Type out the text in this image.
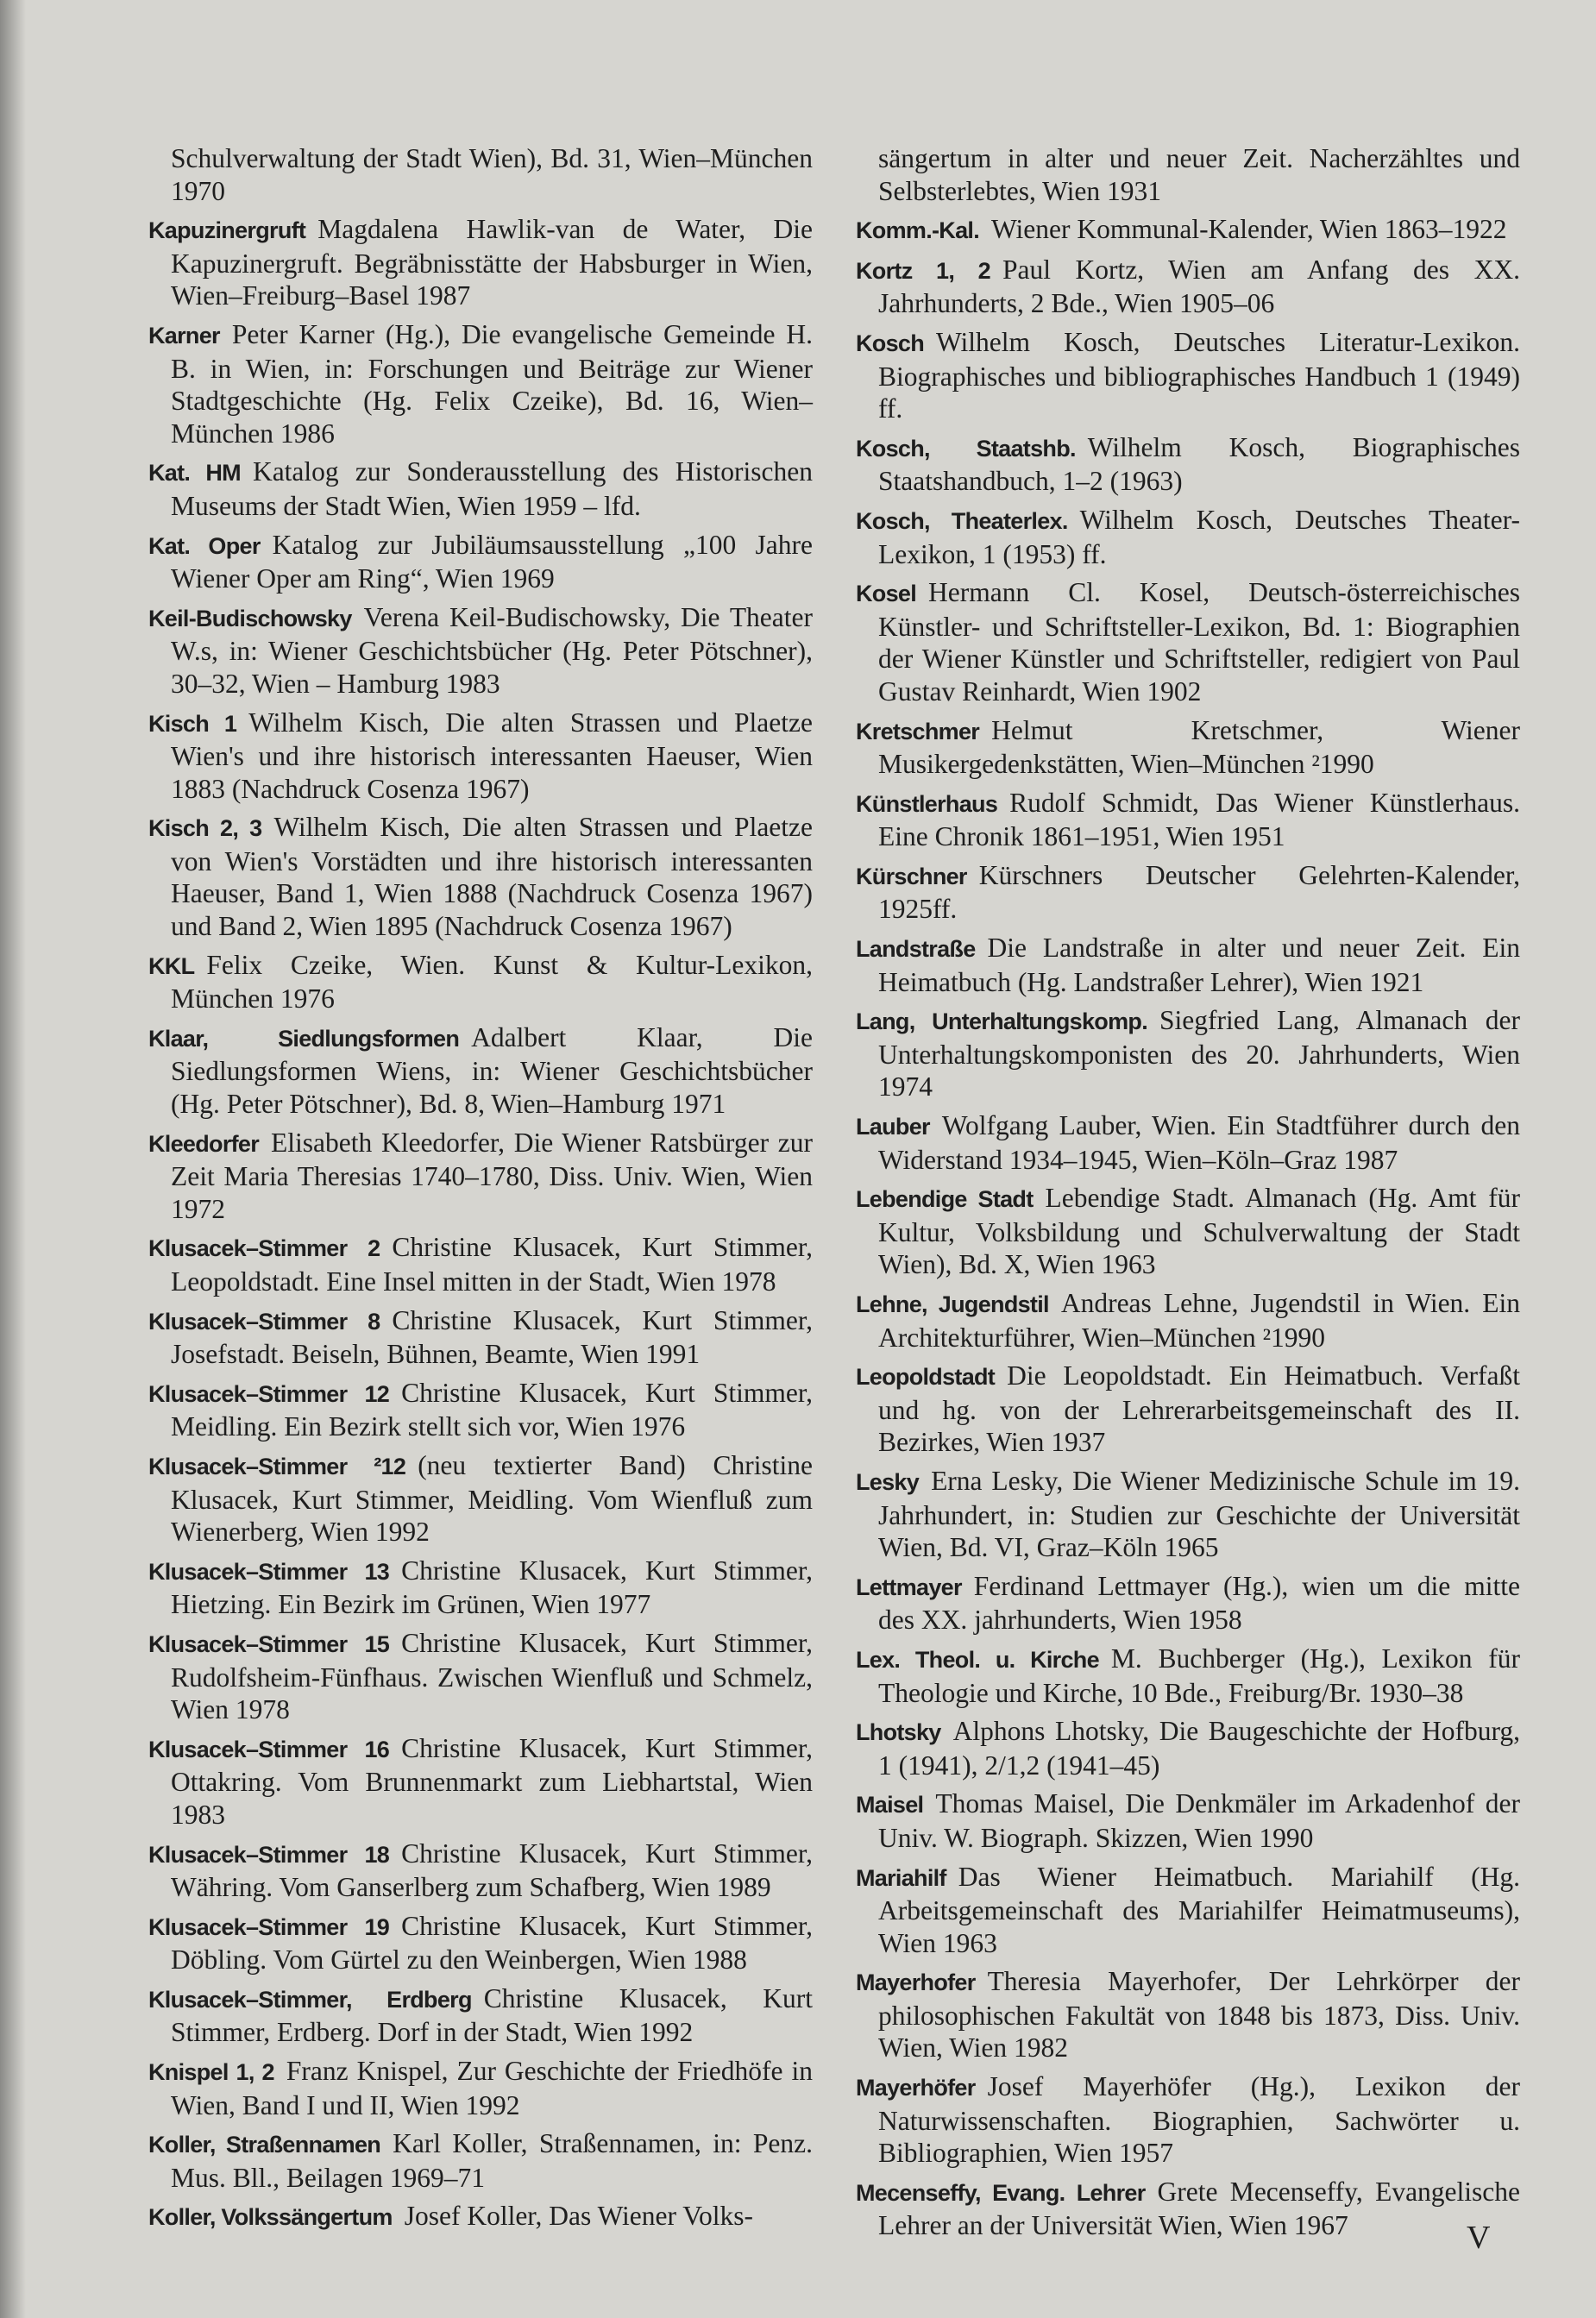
Schulverwaltung der Stadt Wien), Bd. 31, Wien–München 1970
Kapuzinergruft Magdalena Hawlik-van de Water, Die Kapuzinergruft. Begräbnisstätte der Habsburger in Wien, Wien–Freiburg–Basel 1987
Karner Peter Karner (Hg.), Die evangelische Gemeinde H. B. in Wien, in: Forschungen und Beiträge zur Wiener Stadtgeschichte (Hg. Felix Czeike), Bd. 16, Wien–München 1986
Kat. HM Katalog zur Sonderausstellung des Historischen Museums der Stadt Wien, Wien 1959 – lfd.
Kat. Oper Katalog zur Jubiläumsausstellung „100 Jahre Wiener Oper am Ring“, Wien 1969
Keil-Budischowsky Verena Keil-Budischowsky, Die Theater W.s, in: Wiener Geschichtsbücher (Hg. Peter Pötschner), 30–32, Wien – Hamburg 1983
Kisch 1 Wilhelm Kisch, Die alten Strassen und Plaetze Wien's und ihre historisch interessanten Haeuser, Wien 1883 (Nachdruck Cosenza 1967)
Kisch 2, 3 Wilhelm Kisch, Die alten Strassen und Plaetze von Wien's Vorstädten und ihre historisch interessanten Haeuser, Band 1, Wien 1888 (Nachdruck Cosenza 1967) und Band 2, Wien 1895 (Nachdruck Cosenza 1967)
KKL Felix Czeike, Wien. Kunst & Kultur-Lexikon, München 1976
Klaar, Siedlungsformen Adalbert Klaar, Die Siedlungsformen Wiens, in: Wiener Geschichtsbücher (Hg. Peter Pötschner), Bd. 8, Wien–Hamburg 1971
Kleedorfer Elisabeth Kleedorfer, Die Wiener Ratsbürger zur Zeit Maria Theresias 1740–1780, Diss. Univ. Wien, Wien 1972
Klusacek–Stimmer 2 Christine Klusacek, Kurt Stimmer, Leopoldstadt. Eine Insel mitten in der Stadt, Wien 1978
Klusacek–Stimmer 8 Christine Klusacek, Kurt Stimmer, Josefstadt. Beiseln, Bühnen, Beamte, Wien 1991
Klusacek–Stimmer 12 Christine Klusacek, Kurt Stimmer, Meidling. Ein Bezirk stellt sich vor, Wien 1976
Klusacek–Stimmer ²12 (neu textierter Band) Christine Klusacek, Kurt Stimmer, Meidling. Vom Wienfluß zum Wienerberg, Wien 1992
Klusacek–Stimmer 13 Christine Klusacek, Kurt Stimmer, Hietzing. Ein Bezirk im Grünen, Wien 1977
Klusacek–Stimmer 15 Christine Klusacek, Kurt Stimmer, Rudolfsheim-Fünfhaus. Zwischen Wienfluß und Schmelz, Wien 1978
Klusacek–Stimmer 16 Christine Klusacek, Kurt Stimmer, Ottakring. Vom Brunnenmarkt zum Liebhartstal, Wien 1983
Klusacek–Stimmer 18 Christine Klusacek, Kurt Stimmer, Währing. Vom Ganserlberg zum Schafberg, Wien 1989
Klusacek–Stimmer 19 Christine Klusacek, Kurt Stimmer, Döbling. Vom Gürtel zu den Weinbergen, Wien 1988
Klusacek–Stimmer, Erdberg Christine Klusacek, Kurt Stimmer, Erdberg. Dorf in der Stadt, Wien 1992
Knispel 1, 2 Franz Knispel, Zur Geschichte der Friedhöfe in Wien, Band I und II, Wien 1992
Koller, Straßennamen Karl Koller, Straßennamen, in: Penz. Mus. Bll., Beilagen 1969–71
Koller, Volkssängertum Josef Koller, Das Wiener Volks-
sängertum in alter und neuer Zeit. Nacherzähltes und Selbsterlebtes, Wien 1931
Komm.-Kal. Wiener Kommunal-Kalender, Wien 1863–1922
Kortz 1, 2 Paul Kortz, Wien am Anfang des XX. Jahrhunderts, 2 Bde., Wien 1905–06
Kosch Wilhelm Kosch, Deutsches Literatur-Lexikon. Biographisches und bibliographisches Handbuch 1 (1949) ff.
Kosch, Staatshb. Wilhelm Kosch, Biographisches Staatshandbuch, 1–2 (1963)
Kosch, Theaterlex. Wilhelm Kosch, Deutsches Theater-Lexikon, 1 (1953) ff.
Kosel Hermann Cl. Kosel, Deutsch-österreichisches Künstler- und Schriftsteller-Lexikon, Bd. 1: Biographien der Wiener Künstler und Schriftsteller, redigiert von Paul Gustav Reinhardt, Wien 1902
Kretschmer Helmut Kretschmer, Wiener Musikergedenkstätten, Wien–München ²1990
Künstlerhaus Rudolf Schmidt, Das Wiener Künstlerhaus. Eine Chronik 1861–1951, Wien 1951
Kürschner Kürschners Deutscher Gelehrten-Kalender, 1925ff.
Landstraße Die Landstraße in alter und neuer Zeit. Ein Heimatbuch (Hg. Landstraßer Lehrer), Wien 1921
Lang, Unterhaltungskomp. Siegfried Lang, Almanach der Unterhaltungskomponisten des 20. Jahrhunderts, Wien 1974
Lauber Wolfgang Lauber, Wien. Ein Stadtführer durch den Widerstand 1934–1945, Wien–Köln–Graz 1987
Lebendige Stadt Lebendige Stadt. Almanach (Hg. Amt für Kultur, Volksbildung und Schulverwaltung der Stadt Wien), Bd. X, Wien 1963
Lehne, Jugendstil Andreas Lehne, Jugendstil in Wien. Ein Architekturführer, Wien–München ²1990
Leopoldstadt Die Leopoldstadt. Ein Heimatbuch. Verfaßt und hg. von der Lehrerarbeitsgemeinschaft des II. Bezirkes, Wien 1937
Lesky Erna Lesky, Die Wiener Medizinische Schule im 19. Jahrhundert, in: Studien zur Geschichte der Universität Wien, Bd. VI, Graz–Köln 1965
Lettmayer Ferdinand Lettmayer (Hg.), wien um die mitte des XX. jahrhunderts, Wien 1958
Lex. Theol. u. Kirche M. Buchberger (Hg.), Lexikon für Theologie und Kirche, 10 Bde., Freiburg/Br. 1930–38
Lhotsky Alphons Lhotsky, Die Baugeschichte der Hofburg, 1 (1941), 2/1,2 (1941–45)
Maisel Thomas Maisel, Die Denkmäler im Arkadenhof der Univ. W. Biograph. Skizzen, Wien 1990
Mariahilf Das Wiener Heimatbuch. Mariahilf (Hg. Arbeitsgemeinschaft des Mariahilfer Heimatmuseums), Wien 1963
Mayerhofer Theresia Mayerhofer, Der Lehrkörper der philosophischen Fakultät von 1848 bis 1873, Diss. Univ. Wien, Wien 1982
Mayerhöfer Josef Mayerhöfer (Hg.), Lexikon der Naturwissenschaften. Biographien, Sachwörter u. Bibliographien, Wien 1957
Mecenseffy, Evang. Lehrer Grete Mecenseffy, Evangelische Lehrer an der Universität Wien, Wien 1967	V
